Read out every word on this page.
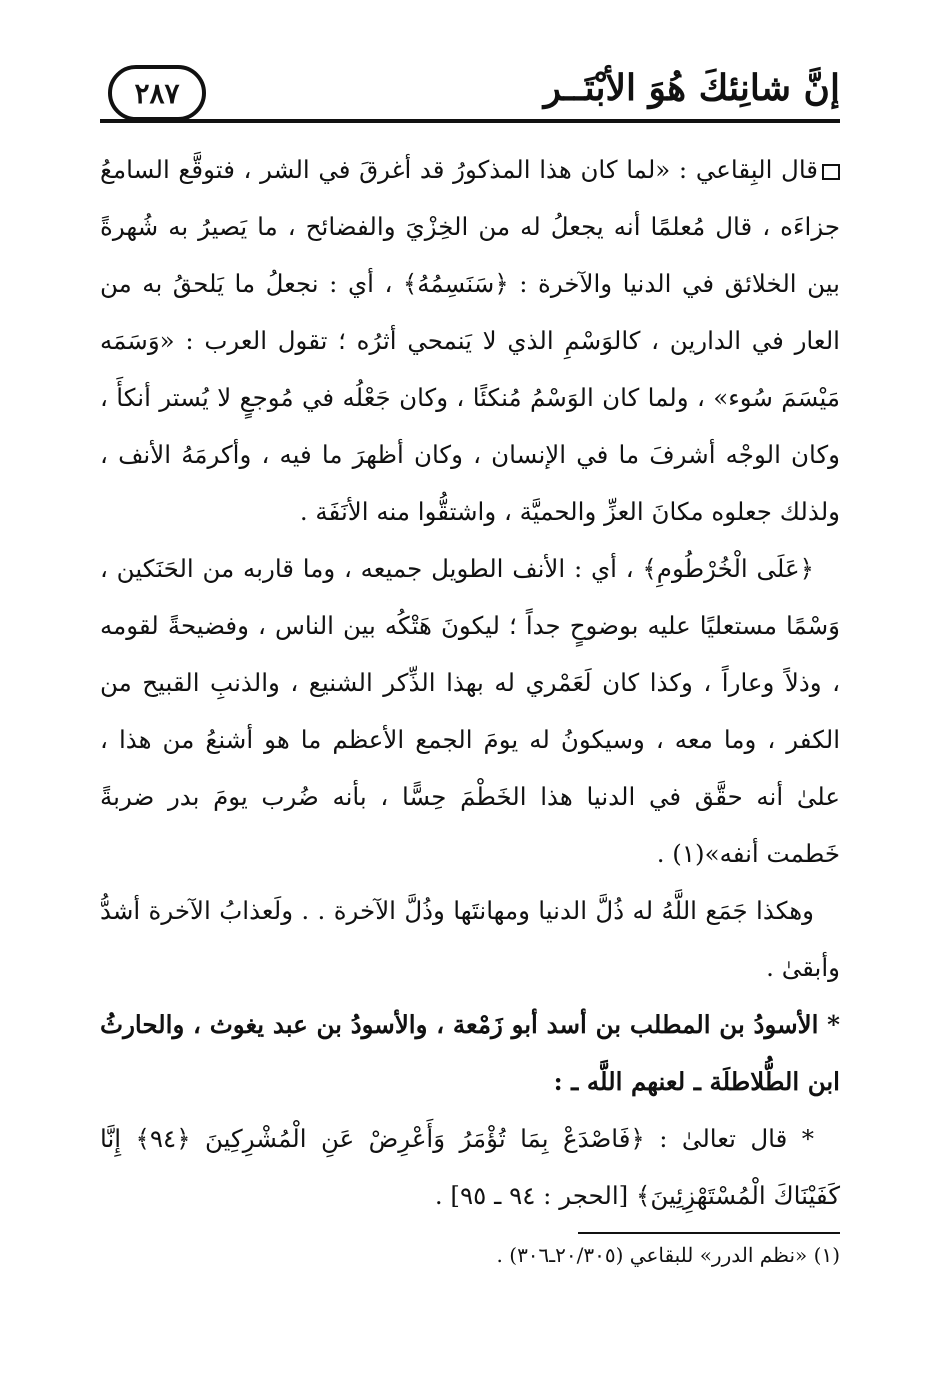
إنَّ شانِئكَ هُوَ الأبْتَــر
٢٨٧

قال البِقاعي : «لما كان هذا المذكورُ قد أغرقَ في الشر ، فتوقَّع السامعُ جزاءَه ، قال مُعلمًا أنه يجعلُ له من الخِزْيَ والفضائح ، ما يَصيرُ به شُهرةً بين الخلائق في الدنيا والآخرة : ﴿سَنَسِمُهُ﴾ ، أي : نجعلُ ما يَلحقُ به من العار في الدارين ، كالوَسْمِ الذي لا يَنمحي أثرُه ؛ تقول العرب : «وَسَمَه مَيْسَمَ سُوء» ، ولما كان الوَسْمُ مُنكئًا ، وكان جَعْلُه في مُوجعٍ لا يُستر أنكأَ ، وكان الوجْه أشرفَ ما في الإنسان ، وكان أظهرَ ما فيه ، وأكرمَهُ الأنف ، ولذلك جعلوه مكانَ العزِّ والحميَّة ، واشتقُّوا منه الأنَفَة .

﴿عَلَى الْخُرْطُومِ﴾ ، أي : الأنف الطويل جميعه ، وما قاربه من الحَنَكين ، وَسْمًا مستعليًا عليه بوضوحٍ جداً ؛ ليكونَ هَتْكُه بين الناس ، وفضيحةً لقومه ، وذلاً وعاراً ، وكذا كان لَعَمْري له بهذا الذِّكر الشنيع ، والذنبِ القبيح من الكفر ، وما معه ، وسيكونُ له يومَ الجمع الأعظم ما هو أشنعُ من هذا ، علىٰ أنه حقَّق في الدنيا هذا الخَطْمَ حِسًّا ، بأنه ضُرب يومَ بدر ضربةً خَطمت أنفه»(١) .

وهكذا جَمَع اللَّهُ له ذُلَّ الدنيا ومهانتَها وذُلَّ الآخرة . . ولَعذابُ الآخرة أشدُّ وأبقىٰ .

* الأسودُ بن المطلب بن أسد أبو زَمْعة ، والأسودُ بن عبد يغوث ، والحارثُ ابن الطُّلاطلَة ـ لعنهم اللَّه ـ :

* قال تعالىٰ : ﴿فَاصْدَعْ بِمَا تُؤْمَرُ وَأَعْرِضْ عَنِ الْمُشْرِكِينَ ﴿٩٤﴾ إِنَّا كَفَيْنَاكَ الْمُسْتَهْزِئِينَ﴾ [الحجر : ٩٤ ـ ٩٥] .

(١) «نظم الدرر» للبقاعي (٢٠/٣٠٥ـ٣٠٦) .
